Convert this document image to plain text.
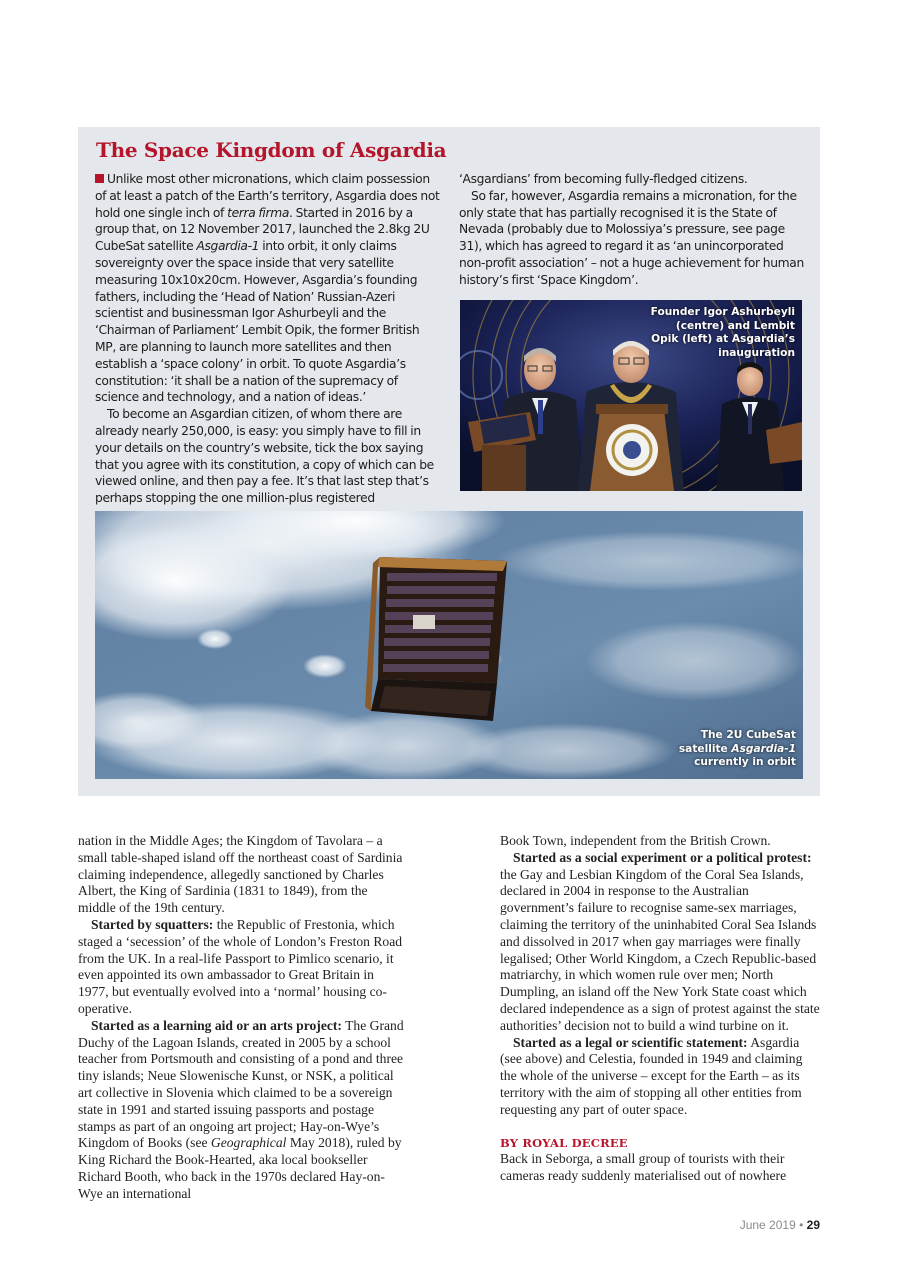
The Space Kingdom of Asgardia

Unlike most other micronations, which claim possession of at least a patch of the Earth’s territory, Asgardia does not hold one single inch of terra firma. Started in 2016 by a group that, on 12 November 2017, launched the 2.8kg 2U CubeSat satellite Asgardia-1 into orbit, it only claims sovereignty over the space inside that very satellite measuring 10x10x20cm. However, Asgardia’s founding fathers, including the ‘Head of Nation’ Russian-Azeri scientist and businessman Igor Ashurbeyli and the ‘Chairman of Parliament’ Lembit Opik, the former British MP, are planning to launch more satellites and then establish a ‘space colony’ in orbit. To quote Asgardia’s constitution: ‘it shall be a nation of the supremacy of science and technology, and a nation of ideas.’

To become an Asgardian citizen, of whom there are already nearly 250,000, is easy: you simply have to fill in your details on the country’s website, tick the box saying that you agree with its constitution, a copy of which can be viewed online, and then pay a fee. It’s that last step that’s perhaps stopping the one million-plus registered

‘Asgardians’ from becoming fully-fledged citizens.

So far, however, Asgardia remains a micronation, for the only state that has partially recognised it is the State of Nevada (probably due to Molossiya’s pressure, see page 31), which has agreed to regard it as ‘an unincorporated non-profit association’ – not a huge achievement for human history’s first ‘Space Kingdom’.

Founder Igor Ashurbeyli
(centre) and Lembit
Opik (left) at Asgardia’s
inauguration
The 2U CubeSat
satellite Asgardia-1
currently in orbit

nation in the Middle Ages; the Kingdom of Tavolara – a small table-shaped island off the northeast coast of Sardinia claiming independence, allegedly sanctioned by Charles Albert, the King of Sardinia (1831 to 1849), from the middle of the 19th century.

Started by squatters: the Republic of Frestonia, which staged a ‘secession’ of the whole of London’s Freston Road from the UK. In a real-life Passport to Pimlico scenario, it even appointed its own ambassador to Great Britain in 1977, but eventually evolved into a ‘normal’ housing co-operative.

Started as a learning aid or an arts project: The Grand Duchy of the Lagoan Islands, created in 2005 by a school teacher from Portsmouth and consisting of a pond and three tiny islands; Neue Slowenische Kunst, or NSK, a political art collective in Slovenia which claimed to be a sovereign state in 1991 and started issuing passports and postage stamps as part of an ongoing art project; Hay-on-Wye’s Kingdom of Books (see Geographical May 2018), ruled by King Richard the Book-Hearted, aka local bookseller Richard Booth, who back in the 1970s declared Hay-on-Wye an international

Book Town, independent from the British Crown.

Started as a social experiment or a political protest: the Gay and Lesbian Kingdom of the Coral Sea Islands, declared in 2004 in response to the Australian government’s failure to recognise same-sex marriages, claiming the territory of the uninhabited Coral Sea Islands and dissolved in 2017 when gay marriages were finally legalised; Other World Kingdom, a Czech Republic-based matriarchy, in which women rule over men; North Dumpling, an island off the New York State coast which declared independence as a sign of protest against the state authorities’ decision not to build a wind turbine on it.

Started as a legal or scientific statement: Asgardia (see above) and Celestia, founded in 1949 and claiming the whole of the universe – except for the Earth – as its territory with the aim of stopping all other entities from requesting any part of outer space.

BY ROYAL DECREE

Back in Seborga, a small group of tourists with their cameras ready suddenly materialised out of nowhere

June 2019 • 29
